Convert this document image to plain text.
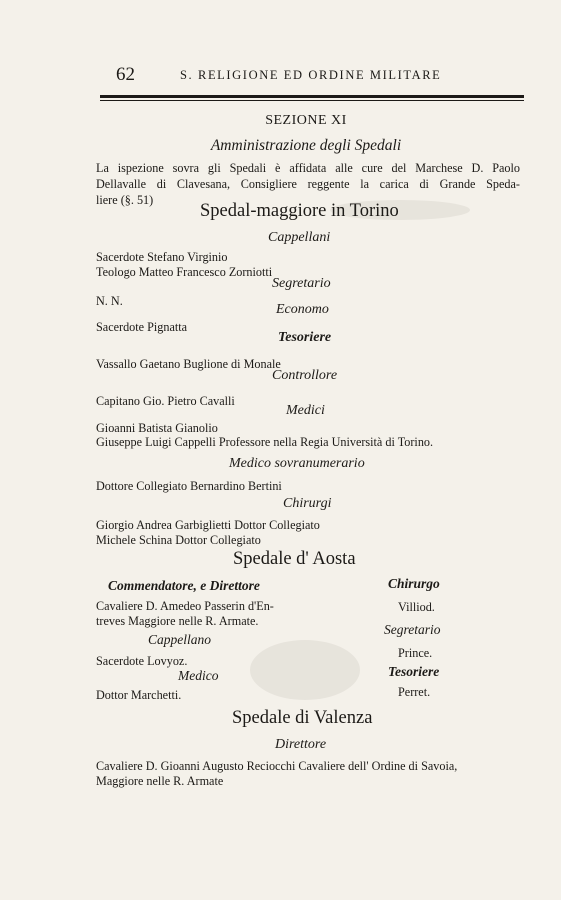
62	S. RELIGIONE ED ORDINE MILITARE
SEZIONE XI
Amministrazione degli Spedali
La ispezione sovra gli Spedali è affidata alle cure del Marchese D. Paolo
Dellavalle di Clavesana, Consigliere reggente la carica di Grande Speda-
liere (§. 51)
Spedal-maggiore in Torino
Cappellani
Sacerdote Stefano Virginio
Teologo Matteo Francesco Zorniotti
Segretario
N. N.
Economo
Sacerdote Pignatta
Tesoriere
Vassallo Gaetano Buglione di Monale
Controllore
Capitano Gio. Pietro Cavalli
Medici
Gioanni Batista Gianolio
Giuseppe Luigi Cappelli Professore nella Regia Università di Torino.
Medico sovranumerario
Dottore Collegiato Bernardino Bertini
Chirurgi
Giorgio Andrea Garbiglietti Dottor Collegiato
Michele Schina Dottor Collegiato
Spedale d' Aosta
Commendatore, e Direttore
Cavaliere D. Amedeo Passerin d'En-
treves Maggiore nelle R. Armate.
Cappellano
Sacerdote Lovyoz.
Medico
Dottor Marchetti.
Chirurgo
Villiod.
Segretario
Prince.
Tesoriere
Perret.
Spedale di Valenza
Direttore
Cavaliere D. Gioanni Augusto Reciocchi Cavaliere dell' Ordine di Savoia,
Maggiore nelle R. Armate
